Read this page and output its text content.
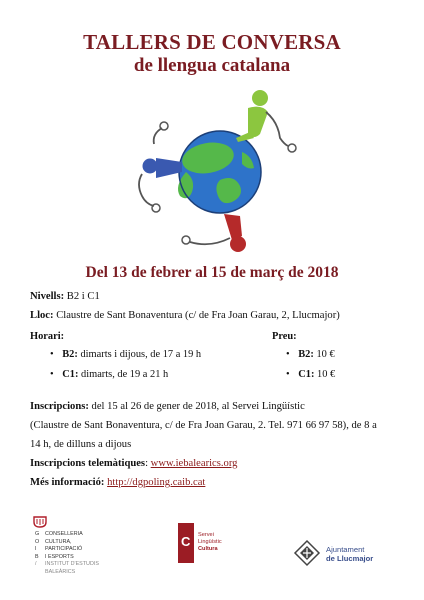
TALLERS DE CONVERSA
de llengua catalana

Del 13 de febrer al 15 de març de 2018

Nivells: B2 i C1
Lloc: Claustre de Sant Bonaventura (c/ de Fra Joan Garau, 2, Llucmajor)
Horari:
• B2: dimarts i dijous, de 17 a 19 h
• C1: dimarts, de 19 a 21 h
Preu:
• B2: 10 €
• C1: 10 €
Inscripcions: del 15 al 26 de gener de 2018, al Servei Lingüístic
(Claustre de Sant Bonaventura, c/ de Fra Joan Garau, 2. Tel. 971 66 97 58), de 8 a
14 h, de dilluns a dijous
Inscripcions telemàtiques: www.iebalearics.org
Més informació: http://dgpoling.caib.cat
G CONSELLERIA
O CULTURA,
I PARTICIPACIÓ
B I ESPORTS
/ INSTITUT D'ESTUDIS
BALEÀRICS
C Servei
Lingüístic
Cultura	Ajuntament
de Llucmajor
